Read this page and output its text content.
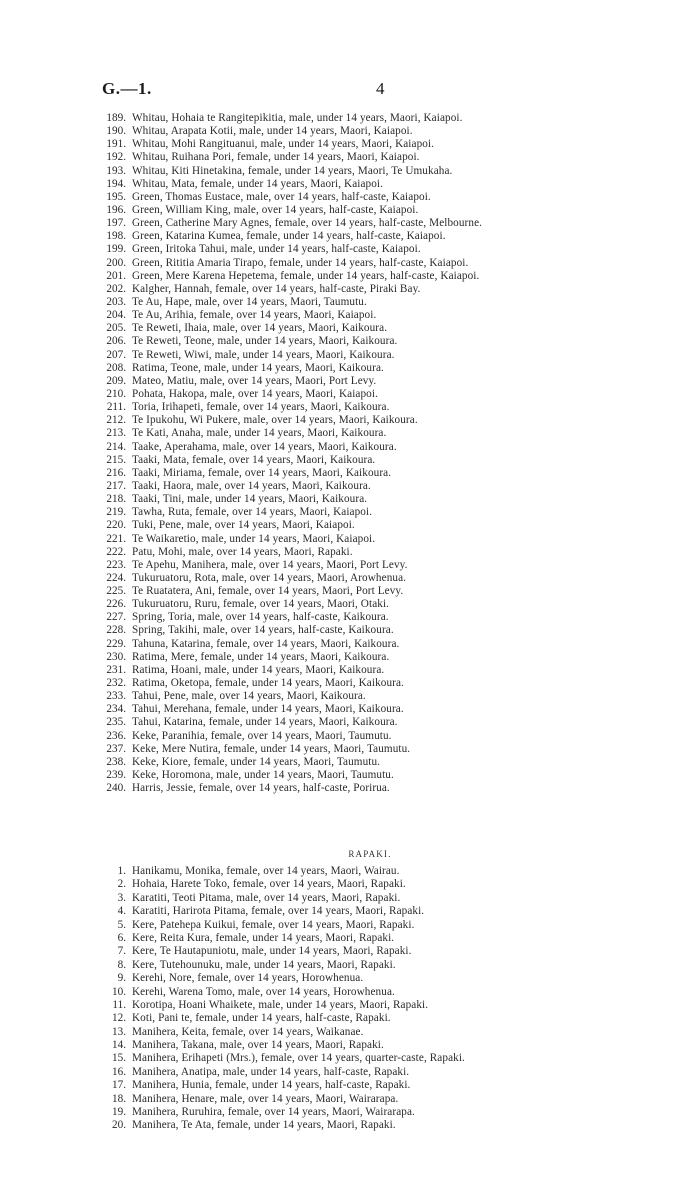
G.—1.	4
189. Whitau, Hohaia te Rangitepikitia, male, under 14 years, Maori, Kaiapoi.
190. Whitau, Arapata Kotii, male, under 14 years, Maori, Kaiapoi.
191. Whitau, Mohi Rangituanui, male, under 14 years, Maori, Kaiapoi.
192. Whitau, Ruihana Pori, female, under 14 years, Maori, Kaiapoi.
193. Whitau, Kiti Hinetakina, female, under 14 years, Maori, Te Umukaha.
194. Whitau, Mata, female, under 14 years, Maori, Kaiapoi.
195. Green, Thomas Eustace, male, over 14 years, half-caste, Kaiapoi.
196. Green, William King, male, over 14 years, half-caste, Kaiapoi.
197. Green, Catherine Mary Agnes, female, over 14 years, half-caste, Melbourne.
198. Green, Katarina Kumea, female, under 14 years, half-caste, Kaiapoi.
199. Green, Iritoka Tahui, male, under 14 years, half-caste, Kaiapoi.
200. Green, Rititia Amaria Tirapo, female, under 14 years, half-caste, Kaiapoi.
201. Green, Mere Karena Hepetema, female, under 14 years, half-caste, Kaiapoi.
202. Kalgher, Hannah, female, over 14 years, half-caste, Piraki Bay.
203. Te Au, Hape, male, over 14 years, Maori, Taumutu.
204. Te Au, Arihia, female, over 14 years, Maori, Kaiapoi.
205. Te Reweti, Ihaia, male, over 14 years, Maori, Kaikoura.
206. Te Reweti, Teone, male, under 14 years, Maori, Kaikoura.
207. Te Reweti, Wiwi, male, under 14 years, Maori, Kaikoura.
208. Ratima, Teone, male, under 14 years, Maori, Kaikoura.
209. Mateo, Matiu, male, over 14 years, Maori, Port Levy.
210. Pohata, Hakopa, male, over 14 years, Maori, Kaiapoi.
211. Toria, Irihapeti, female, over 14 years, Maori, Kaikoura.
212. Te Ipukohu, Wi Pukere, male, over 14 years, Maori, Kaikoura.
213. Te Kati, Anaha, male, under 14 years, Maori, Kaikoura.
214. Taake, Aperahama, male, over 14 years, Maori, Kaikoura.
215. Taaki, Mata, female, over 14 years, Maori, Kaikoura.
216. Taaki, Miriama, female, over 14 years, Maori, Kaikoura.
217. Taaki, Haora, male, over 14 years, Maori, Kaikoura.
218. Taaki, Tini, male, under 14 years, Maori, Kaikoura.
219. Tawha, Ruta, female, over 14 years, Maori, Kaiapoi.
220. Tuki, Pene, male, over 14 years, Maori, Kaiapoi.
221. Te Waikaretio, male, under 14 years, Maori, Kaiapoi.
222. Patu, Mohi, male, over 14 years, Maori, Rapaki.
223. Te Apehu, Manihera, male, over 14 years, Maori, Port Levy.
224. Tukuruatoru, Rota, male, over 14 years, Maori, Arowhenua.
225. Te Ruatatera, Ani, female, over 14 years, Maori, Port Levy.
226. Tukuruatoru, Ruru, female, over 14 years, Maori, Otaki.
227. Spring, Toria, male, over 14 years, half-caste, Kaikoura.
228. Spring, Takihi, male, over 14 years, half-caste, Kaikoura.
229. Tahuna, Katarina, female, over 14 years, Maori, Kaikoura.
230. Ratima, Mere, female, under 14 years, Maori, Kaikoura.
231. Ratima, Hoani, male, under 14 years, Maori, Kaikoura.
232. Ratima, Oketopa, female, under 14 years, Maori, Kaikoura.
233. Tahui, Pene, male, over 14 years, Maori, Kaikoura.
234. Tahui, Merehana, female, under 14 years, Maori, Kaikoura.
235. Tahui, Katarina, female, under 14 years, Maori, Kaikoura.
236. Keke, Paranihia, female, over 14 years, Maori, Taumutu.
237. Keke, Mere Nutira, female, under 14 years, Maori, Taumutu.
238. Keke, Kiore, female, under 14 years, Maori, Taumutu.
239. Keke, Horomona, male, under 14 years, Maori, Taumutu.
240. Harris, Jessie, female, over 14 years, half-caste, Porirua.
RAPAKI.
1. Hanikamu, Monika, female, over 14 years, Maori, Wairau.
2. Hohaia, Harete Toko, female, over 14 years, Maori, Rapaki.
3. Karatiti, Teoti Pitama, male, over 14 years, Maori, Rapaki.
4. Karatiti, Harirota Pitama, female, over 14 years, Maori, Rapaki.
5. Kere, Patehepa Kuikui, female, over 14 years, Maori, Rapaki.
6. Kere, Reita Kura, female, under 14 years, Maori, Rapaki.
7. Kere, Te Hautapuniotu, male, under 14 years, Maori, Rapaki.
8. Kere, Tutehounuku, male, under 14 years, Maori, Rapaki.
9. Kerehi, Nore, female, over 14 years, Horowhenua.
10. Kerehi, Warena Tomo, male, over 14 years, Horowhenua.
11. Korotipa, Hoani Whaikete, male, under 14 years, Maori, Rapaki.
12. Koti, Pani te, female, under 14 years, half-caste, Rapaki.
13. Manihera, Keita, female, over 14 years, Waikanae.
14. Manihera, Takana, male, over 14 years, Maori, Rapaki.
15. Manihera, Erihapeti (Mrs.), female, over 14 years, quarter-caste, Rapaki.
16. Manihera, Anatipa, male, under 14 years, half-caste, Rapaki.
17. Manihera, Hunia, female, under 14 years, half-caste, Rapaki.
18. Manihera, Henare, male, over 14 years, Maori, Wairarapa.
19. Manihera, Ruruhira, female, over 14 years, Maori, Wairarapa.
20. Manihera, Te Ata, female, under 14 years, Maori, Rapaki.
